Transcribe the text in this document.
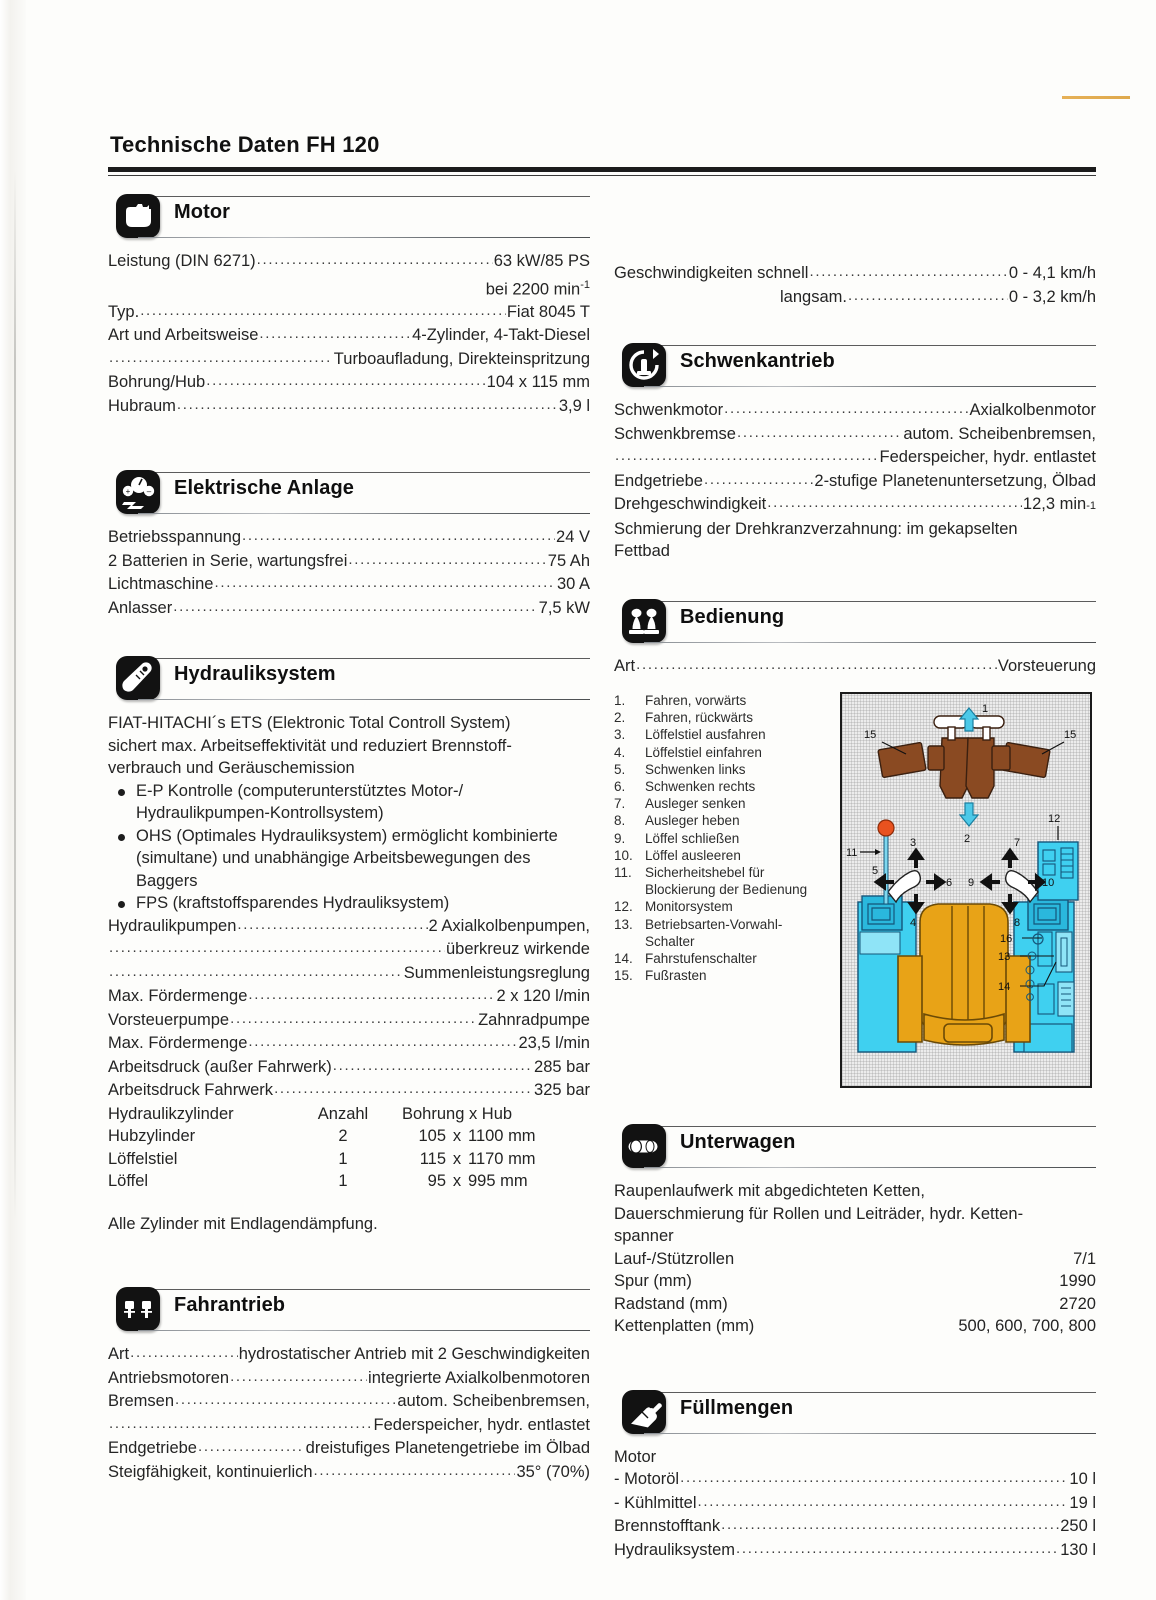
Technische Daten FH 120
Motor
Leistung (DIN 6271) .....	63 kW/85 PS
bei 2200 $\min^{-1}$
Typ. .....	Fiat 8045 T
Art und Arbeitsweise .....	4-Zylinder, 4-Takt-Diesel
.....
Turboaufladung, Direkteinspritzung
Bohrung/Hub .....	104 x 115 mm
Hubraum .....	3,9 l
+ – Elektrische Anlage
Betriebsspannung .....	24 V
2 Batterien in Serie, wartungsfrei .....	75 Ah
Lichtmaschine .....	30 A
Anlasser .....	7,5 kW
Hydrauliksystem
FIAT-HITACHI´s ETS (Elektronic Total Controll System)
sichert max. Arbeitseffektivität und reduziert Brennstoff-
verbrauch und Geräuschemission
E-P Kontrolle (computerunterstütztes Motor-/ Hydraulikpumpen-Kontrollsystem)
OHS (Optimales Hydrauliksystem) ermöglicht kombinierte (simultane) und unabhängige Arbeitsbewegungen des Baggers
FPS (kraftstoffsparendes Hydrauliksystem)
Hydraulikpumpen .....	2 Axialkolbenpumpen,
.....
überkreuz wirkende
.....
Summenleistungsreglung
Max. Fördermenge .....	2 x 120 l/min
Vorsteuerpumpe .....	Zahnradpumpe
Max. Fördermenge .....	23,5 l/min
Arbeitsdruck (außer Fahrwerk) .....	285 bar
Arbeitsdruck Fahrwerk .....	325 bar
Hydraulikzylinder	Anzahl	Bohrung x Hub
Hubzylinder	2	105 x 1100 mm
Löffelstiel	1	115 x 1170 mm
Löffel	1	95 x 995 mm
Alle Zylinder mit Endlagendämpfung.
Fahrantrieb
Art .....	hydrostatischer Antrieb mit 2 Geschwindigkeiten
Antriebsmotoren .....	integrierte Axialkolbenmotoren
Bremsen .....	autom. Scheibenbremsen,
.....
Federspeicher, hydr. entlastet
Endgetriebe .....	dreistufiges Planetengetriebe im Ölbad
Steigfähigkeit, kontinuierlich .....	35° (70%)
Geschwindigkeiten schnell .....	0 - 4,1 km/h
langsam. .....	0 - 3,2 km/h
Schwenkantrieb
Schwenkmotor .....	Axialkolbenmotor
Schwenkbremse .....	autom. Scheibenbremsen,
.....
Federspeicher, hydr. entlastet
Endgetriebe .....	2-stufige Planetenuntersetzung, Ölbad
Drehgeschwindigkeit .....	12,3 min -1
Schmierung der Drehkranzverzahnung: im gekapselten
Fettbad
Bedienung
Art .....	Vorsteuerung
1.	Fahren, vorwärts
2.	Fahren, rückwärts
3.	Löffelstiel ausfahren
4.	Löffelstiel einfahren
5.	Schwenken links
6.	Schwenken rechts
7.	Ausleger senken
8.	Ausleger heben
9.	Löffel schließen
10. Löffel ausleeren
11. Sicherheitshebel für
Blockierung der Bedienung
12. Monitorsystem
13. Betriebsarten-Vorwahl-
Schalter
14. Fahrstufenschalter
15. Fußrasten
1
2
11
3
4
5
6
7
8
9	10
15	15
12
16
13
14
Unterwagen
Raupenlaufwerk mit abgedichteten Ketten,
Dauerschmierung für Rollen und Leiträder, hydr. Ketten-
spanner
Lauf-/Stützrollen	7/1
Spur (mm)	1990
Radstand (mm)	2720
Kettenplatten (mm)	500, 600, 700, 800
Füllmengen
Motor
- Motoröl .....	10 l
- Kühlmittel .....	19 l
Brennstofftank .....	250 l
Hydrauliksystem .....	130 l
